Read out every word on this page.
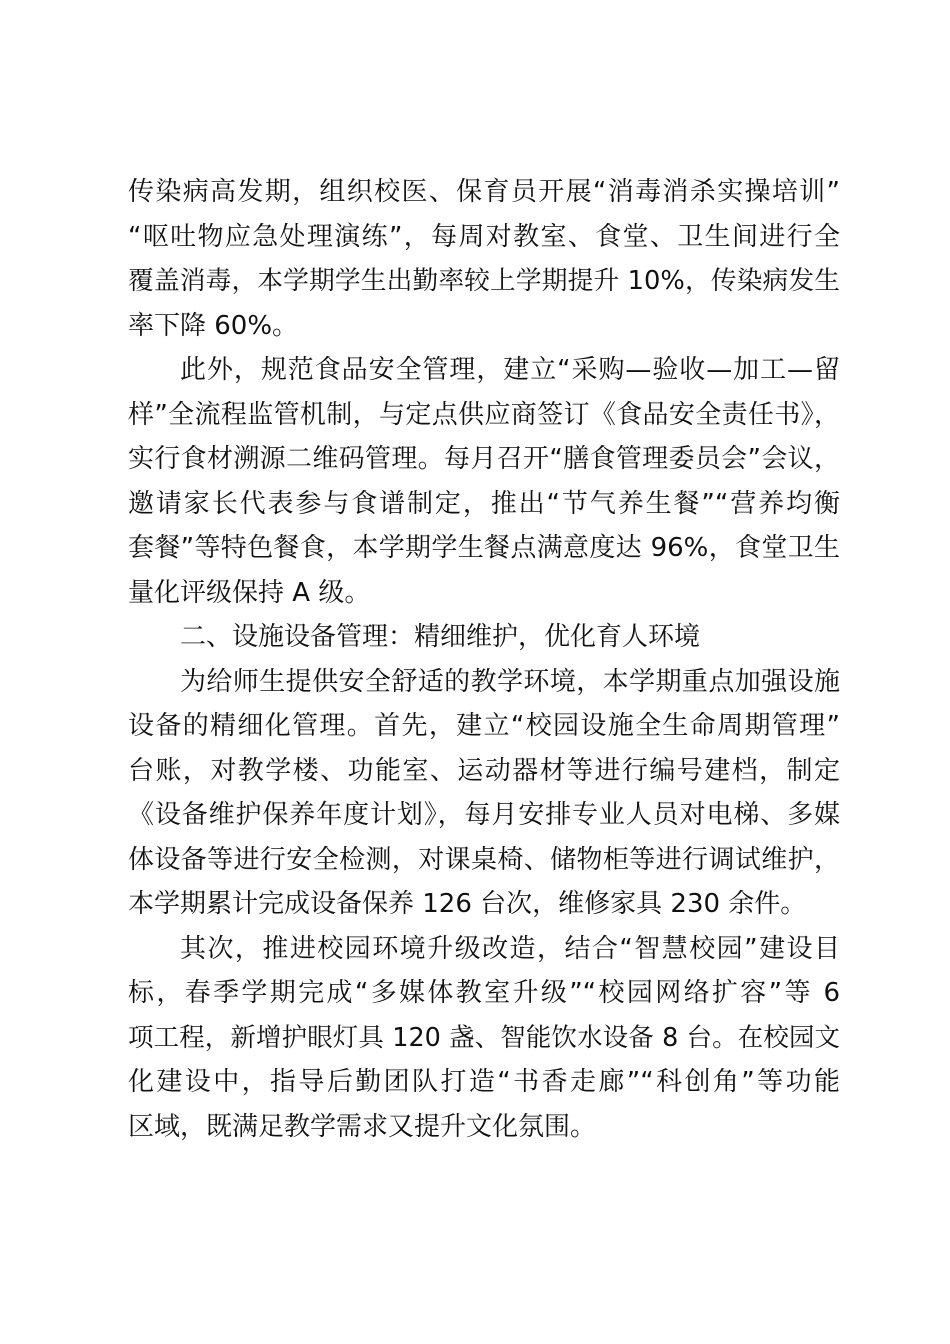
传染病高发期，组织校医、保育员开展“消毒消杀实操培训”
“呕吐物应急处理演练”，每周对教室、食堂、卫生间进行全
覆盖消毒，本学期学生出勤率较上学期提升 10%，传染病发生
率下降 60%。
此外，规范食品安全管理，建立“采购—验收—加工—留
样”全流程监管机制，与定点供应商签订《食品安全责任书》，
实行食材溯源二维码管理。每月召开“膳食管理委员会”会议，
邀请家长代表参与食谱制定，推出“节气养生餐”“营养均衡
套餐”等特色餐食，本学期学生餐点满意度达 96%，食堂卫生
量化评级保持 A 级。
二、设施设备管理：精细维护，优化育人环境
为给师生提供安全舒适的教学环境，本学期重点加强设施
设备的精细化管理。首先，建立“校园设施全生命周期管理”
台账，对教学楼、功能室、运动器材等进行编号建档，制定
《设备维护保养年度计划》，每月安排专业人员对电梯、多媒
体设备等进行安全检测，对课桌椅、储物柜等进行调试维护，
本学期累计完成设备保养 126 台次，维修家具 230 余件。
其次，推进校园环境升级改造，结合“智慧校园”建设目
标，春季学期完成“多媒体教室升级”“校园网络扩容”等 6
项工程，新增护眼灯具 120 盏、智能饮水设备 8 台。在校园文
化建设中，指导后勤团队打造“书香走廊”“科创角”等功能
区域，既满足教学需求又提升文化氛围。
